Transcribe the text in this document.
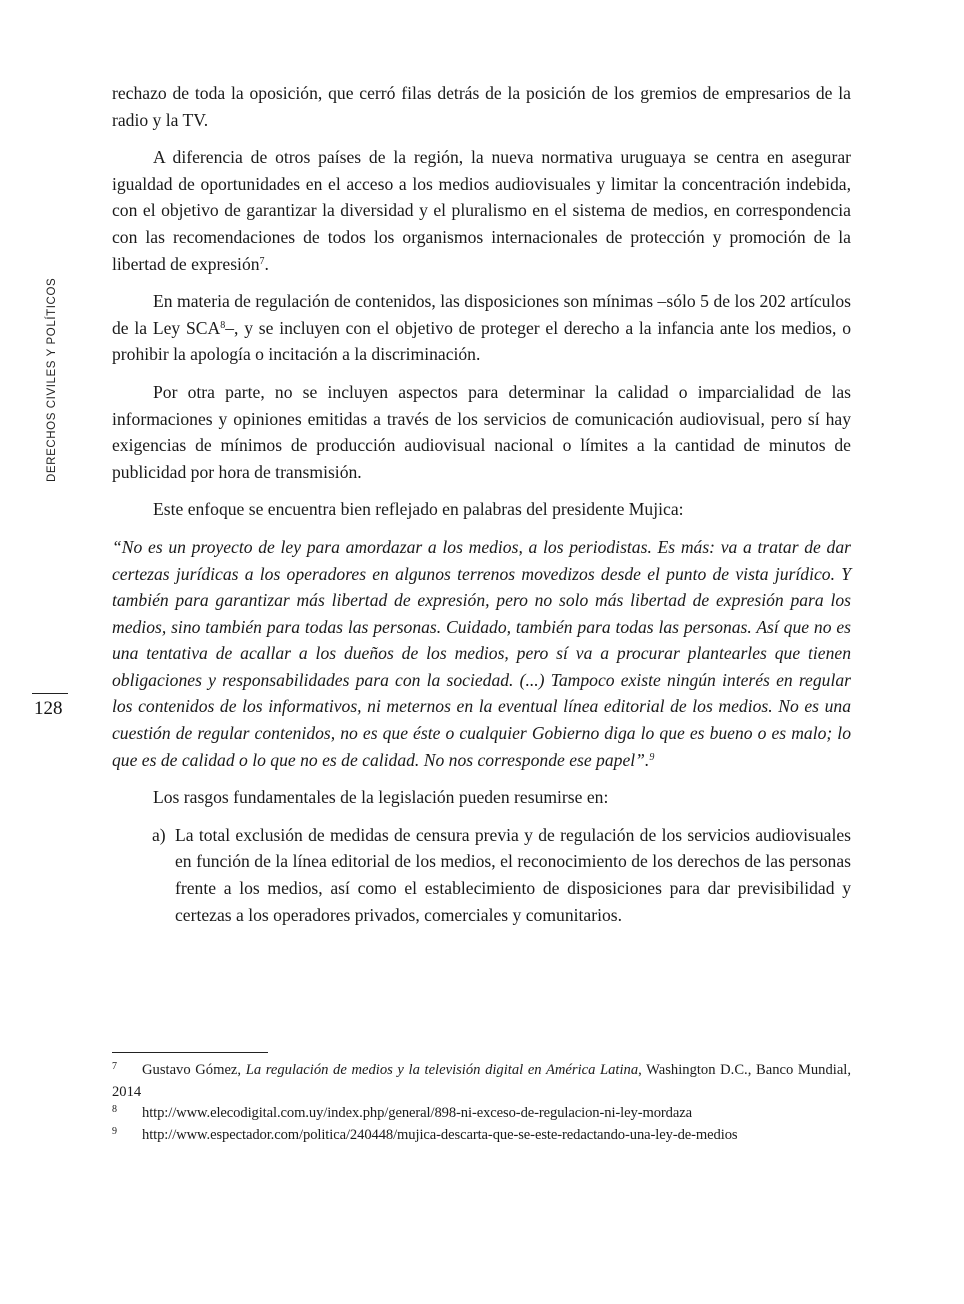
DERECHOS CIVILES Y POLÍTICOS
128

rechazo de toda la oposición, que cerró filas detrás de la posición de los gremios de empresarios de la radio y la TV.

A diferencia de otros países de la región, la nueva normativa uruguaya se centra en asegurar igualdad de oportunidades en el acceso a los medios audiovisuales y limitar la concentración indebida, con el objetivo de garantizar la diversidad y el pluralismo en el sistema de medios, en correspondencia con las recomendaciones de todos los organismos internacionales de protección y promoción de la libertad de expresión$^7$.

En materia de regulación de contenidos, las disposiciones son mínimas –sólo 5 de los 202 artículos de la Ley SCA$^8$–, y se incluyen con el objetivo de proteger el derecho a la infancia ante los medios, o prohibir la apología o incitación a la discriminación.

Por otra parte, no se incluyen aspectos para determinar la calidad o imparcialidad de las informaciones y opiniones emitidas a través de los servicios de comunicación audiovisual, pero sí hay exigencias de mínimos de producción audiovisual nacional o límites a la cantidad de minutos de publicidad por hora de transmisión.

Este enfoque se encuentra bien reflejado en palabras del presidente Mujica:

“No es un proyecto de ley para amordazar a los medios, a los periodistas. Es más: va a tratar de dar certezas jurídicas a los operadores en algunos terrenos movedizos desde el punto de vista jurídico. Y también para garantizar más libertad de expresión, pero no solo más libertad de expresión para los medios, sino también para todas las personas. Cuidado, también para todas las personas. Así que no es una tentativa de acallar a los dueños de los medios, pero sí va a procurar plantearles que tienen obligaciones y responsabilidades para con la sociedad. (...) Tampoco existe ningún interés en regular los contenidos de los informativos, ni meternos en la eventual línea editorial de los medios. No es una cuestión de regular contenidos, no es que éste o cualquier Gobierno diga lo que es bueno o es malo; lo que es de calidad o lo que no es de calidad. No nos corresponde ese papel”.$^9$

Los rasgos fundamentales de la legislación pueden resumirse en:

a) La total exclusión de medidas de censura previa y de regulación de los servicios audiovisuales en función de la línea editorial de los medios, el reconocimiento de los derechos de las personas frente a los medios, así como el establecimiento de disposiciones para dar previsibilidad y certezas a los operadores privados, comerciales y comunitarios.

7 Gustavo Gómez, La regulación de medios y la televisión digital en América Latina, Washington D.C., Banco Mundial, 2014

8 http://www.elecodigital.com.uy/index.php/general/898-ni-exceso-de-regulacion-ni-ley-mordaza

9 http://www.espectador.com/politica/240448/mujica-descarta-que-se-este-redactando-una-ley-de-medios
